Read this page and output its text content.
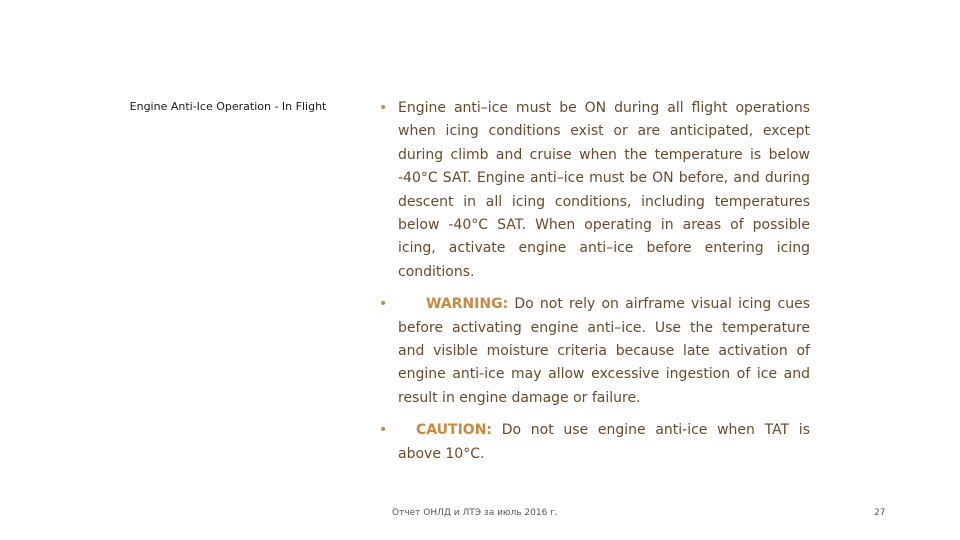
Engine Anti-Ice Operation - In Flight	• Engine anti–ice must be ON during all flight operations when icing conditions exist or are anticipated, except during climb and cruise when the temperature is below -40°C SAT. Engine anti–ice must be ON before, and during descent in all icing conditions, including temperatures below -40°C SAT. When operating in areas of possible icing, activate engine anti–ice before entering icing conditions.
•	WARNING: Do not rely on airframe visual icing cues before activating engine anti–ice. Use the temperature and visible moisture criteria because late activation of engine anti-ice may allow excessive ingestion of ice and result in engine damage or failure.
• CAUTION: Do not use engine anti-ice when TAT is above 10°C.
Отчет ОНЛД и ЛТЭ за июль 2016 г.	27
